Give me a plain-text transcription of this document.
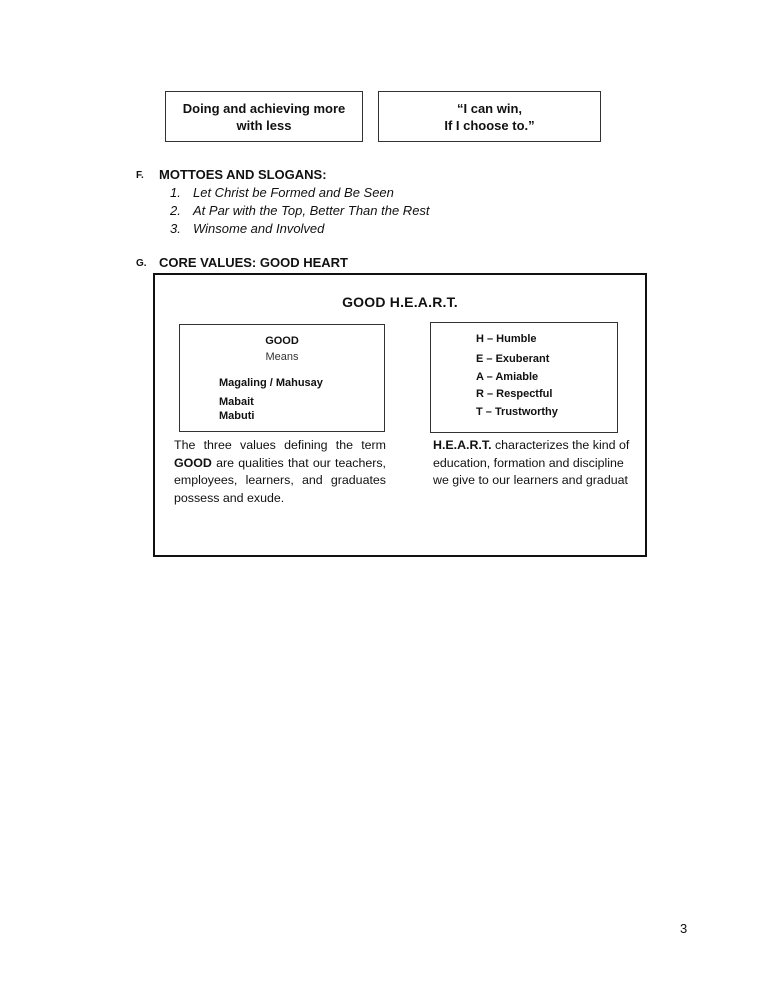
Doing and achieving more
with less
“I can win,
If I choose to.”
F. MOTTOES AND SLOGANS:
1. Let Christ be Formed and Be Seen
2. At Par with the Top, Better Than the Rest
3. Winsome and Involved
G. CORE VALUES: GOOD HEART
GOOD H.E.A.R.T.
GOOD
Means
Magaling / Mahusay
Mabait
Mabuti
H – Humble
E – Exuberant
A – Amiable
R – Respectful
T – Trustworthy
The three values defining the term GOOD are qualities that our teachers, employees, learners, and graduates possess and exude.
H.E.A.R.T. characterizes the kind of
education, formation and discipline
we give to our learners and graduat
3
